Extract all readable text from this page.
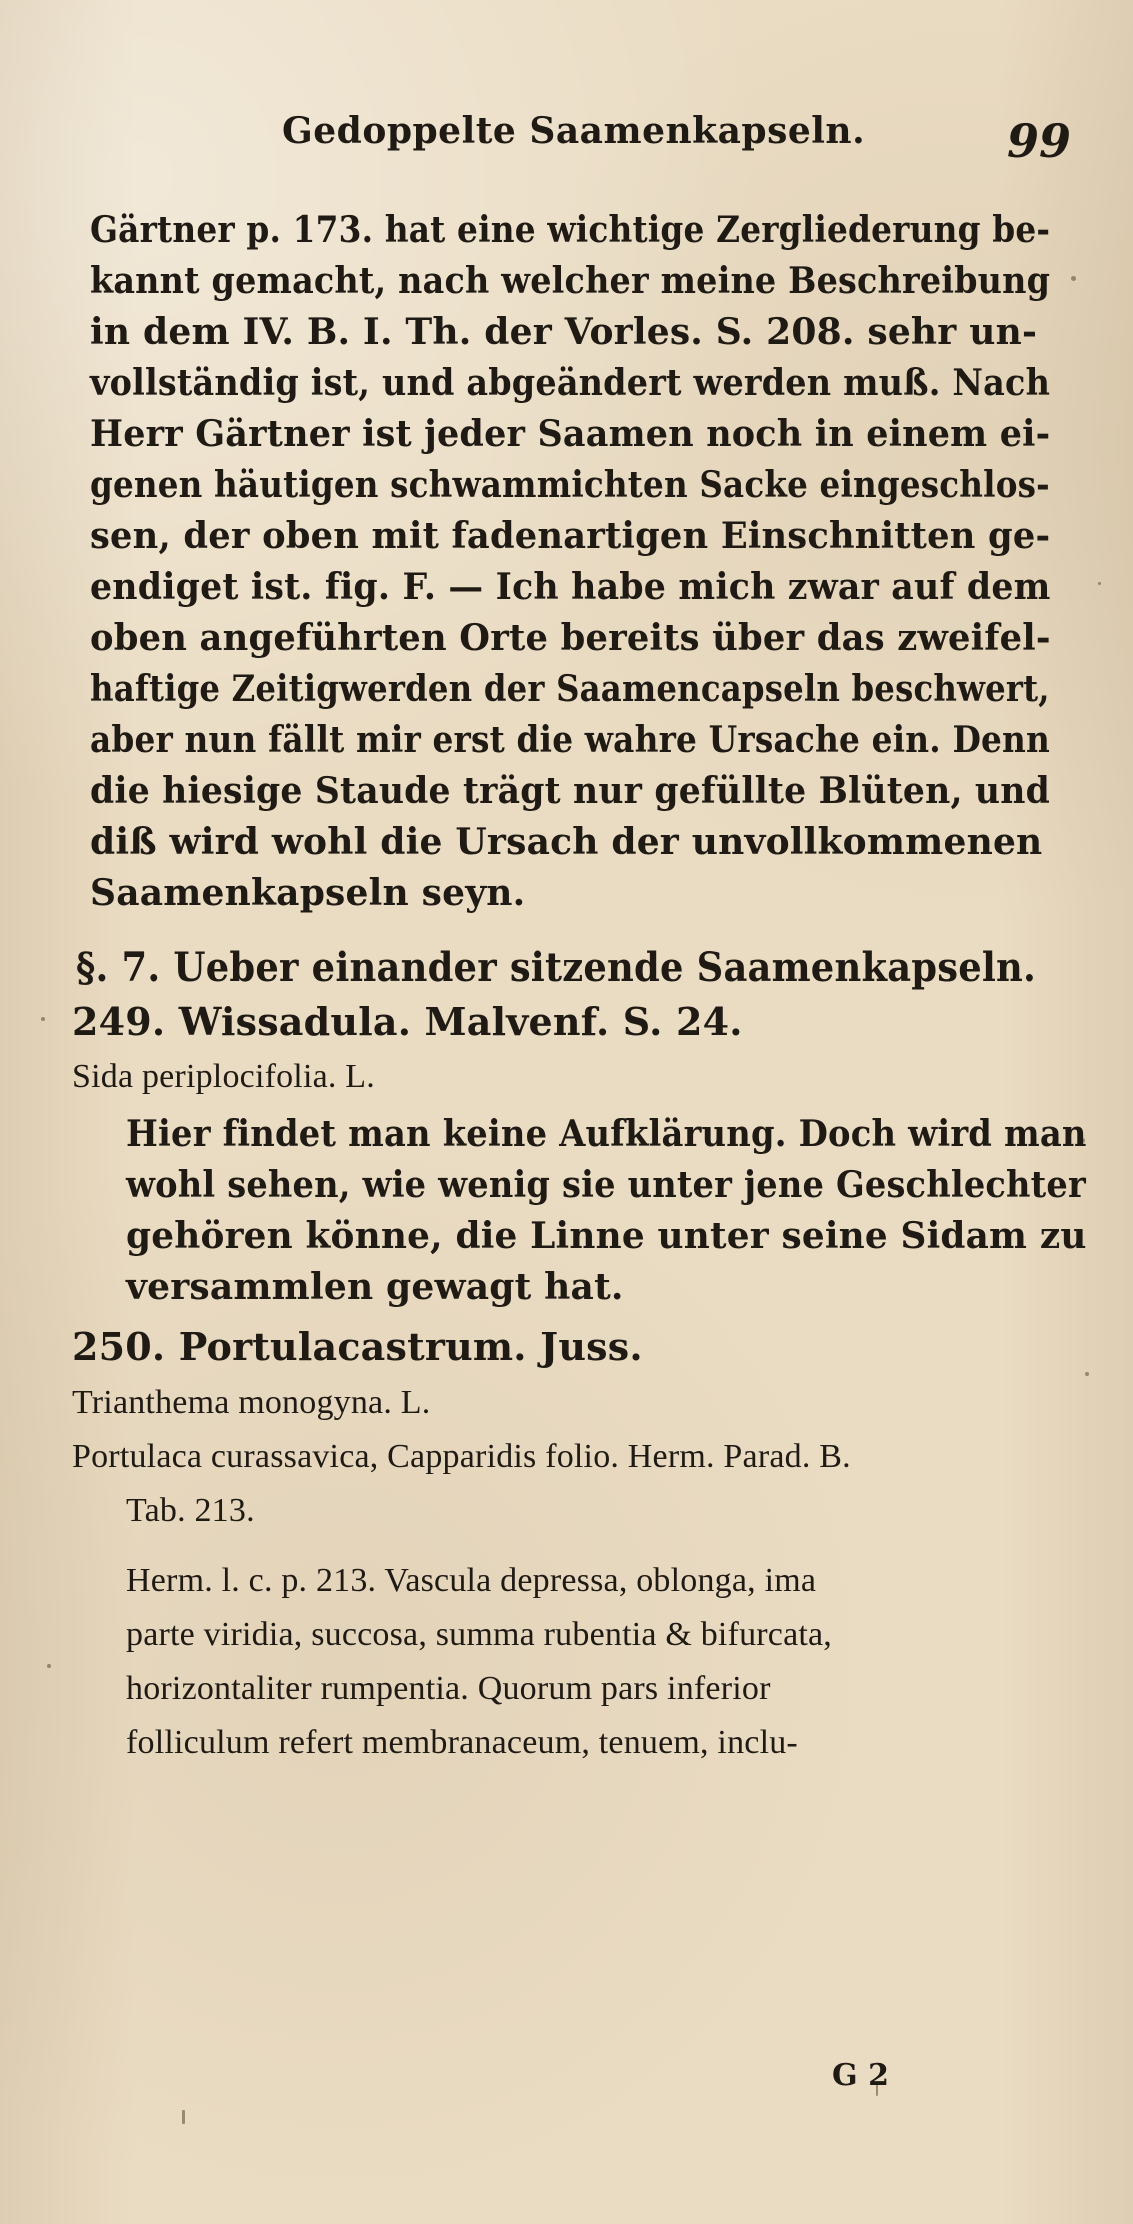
Gedoppelte Saamenkapseln.	99
Gärtner p. 173. hat eine wichtige Zergliederung be-
kannt gemacht, nach welcher meine Beschreibung
in dem IV. B. I. Th. der Vorles. S. 208. sehr un-
vollständig ist, und abgeändert werden muß. Nach
Herr Gärtner ist jeder Saamen noch in einem ei-
genen häutigen schwammichten Sacke eingeschlos-
sen, der oben mit fadenartigen Einschnitten ge-
endiget ist. fig. F. — Ich habe mich zwar auf dem
oben angeführten Orte bereits über das zweifel-
haftige Zeitigwerden der Saamencapseln beschwert,
aber nun fällt mir erst die wahre Ursache ein. Denn
die hiesige Staude trägt nur gefüllte Blüten, und
diß wird wohl die Ursach der unvollkommenen
Saamenkapseln seyn.
§. 7. Ueber einander sitzende Saamenkapseln.
249. Wissadula. Malvenf. S. 24.
Sida periplocifolia. L.
Hier findet man keine Aufklärung. Doch wird man
wohl sehen, wie wenig sie unter jene Geschlechter
gehören könne, die Linne unter seine Sidam zu
versammlen gewagt hat.
250. Portulacastrum. Juss.
Trianthema monogyna. L.
Portulaca curassavica, Capparidis folio. Herm. Parad. B.
Tab. 213.
Herm. l. c. p. 213. Vascula depressa, oblonga, ima
parte viridia, succosa, summa rubentia & bifurcata,
horizontaliter rumpentia. Quorum pars inferior
folliculum refert membranaceum, tenuem, inclu-
G 2
